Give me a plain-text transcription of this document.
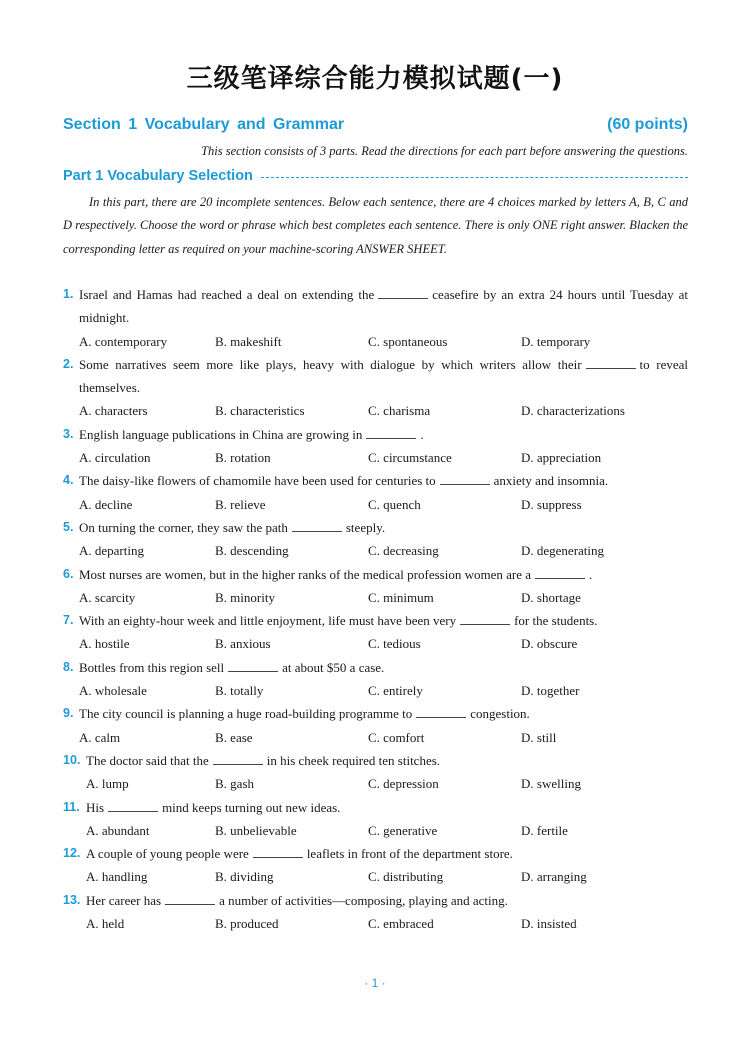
三级笔译综合能力模拟试题(一)
Section 1 Vocabulary and Grammar	(60 points)
This section consists of 3 parts. Read the directions for each part before answering the questions.
Part 1 Vocabulary Selection
In this part, there are 20 incomplete sentences. Below each sentence, there are 4 choices marked by letters A, B, C and D respectively. Choose the word or phrase which best completes each sentence. There is only ONE right answer. Blacken the corresponding letter as required on your machine-scoring ANSWER SHEET.
1. Israel and Hamas had reached a deal on extending the	ceasefire by an extra 24 hours until Tuesday at midnight.
A. contemporary	B. makeshift	C. spontaneous	D. temporary
2. Some narratives seem more like plays, heavy with dialogue by which writers allow their	to reveal themselves.
A. characters	B. characteristics	C. charisma	D. characterizations
3. English language publications in China are growing in	.
A. circulation	B. rotation	C. circumstance	D. appreciation
4. The daisy-like flowers of chamomile have been used for centuries to	anxiety and insomnia.
A. decline	B. relieve	C. quench	D. suppress
5. On turning the corner, they saw the path	steeply.
A. departing	B. descending	C. decreasing	D. degenerating
6. Most nurses are women, but in the higher ranks of the medical profession women are a	.
A. scarcity	B. minority	C. minimum	D. shortage
7. With an eighty-hour week and little enjoyment, life must have been very	for the students.
A. hostile	B. anxious	C. tedious	D. obscure
8. Bottles from this region sell	at about $50 a case.
A. wholesale	B. totally	C. entirely	D. together
9. The city council is planning a huge road-building programme to	congestion.
A. calm	B. ease	C. comfort	D. still
10. The doctor said that the	in his cheek required ten stitches.
A. lump	B. gash	C. depression	D. swelling
11. His	mind keeps turning out new ideas.
A. abundant	B. unbelievable	C. generative	D. fertile
12. A couple of young people were	leaflets in front of the department store.
A. handling	B. dividing	C. distributing	D. arranging
13. Her career has	a number of activities—composing, playing and acting.
A. held	B. produced	C. embraced	D. insisted
· 1 ·
